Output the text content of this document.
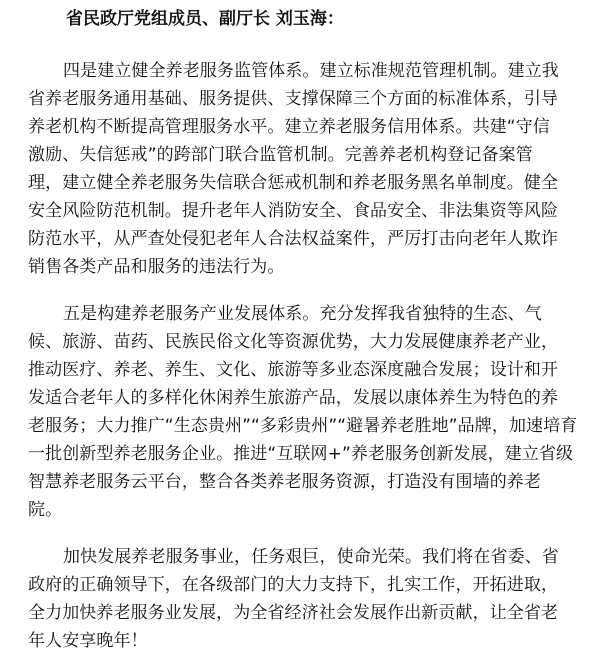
省民政厅党组成员、副厅长 刘玉海：
四是建立健全养老服务监管体系。建立标准规范管理机制。建立我
省养老服务通用基础、服务提供、支撑保障三个方面的标准体系，引导
养老机构不断提高管理服务水平。建立养老服务信用体系。共建“守信
激励、失信惩戒”的跨部门联合监管机制。完善养老机构登记备案管
理，建立健全养老服务失信联合惩戒机制和养老服务黑名单制度。健全
安全风险防范机制。提升老年人消防安全、食品安全、非法集资等风险
防范水平，从严查处侵犯老年人合法权益案件，严厉打击向老年人欺诈
销售各类产品和服务的违法行为。
五是构建养老服务产业发展体系。充分发挥我省独特的生态、气
候、旅游、苗药、民族民俗文化等资源优势，大力发展健康养老产业，
推动医疗、养老、养生、文化、旅游等多业态深度融合发展；设计和开
发适合老年人的多样化休闲养生旅游产品，发展以康体养生为特色的养
老服务；大力推广“生态贵州”“多彩贵州”“避暑养老胜地”品牌，加速培育
一批创新型养老服务企业。推进“互联网+”养老服务创新发展，建立省级
智慧养老服务云平台，整合各类养老服务资源，打造没有围墙的养老
院。
加快发展养老服务事业，任务艰巨，使命光荣。我们将在省委、省
政府的正确领导下，在各级部门的大力支持下，扎实工作，开拓进取，
全力加快养老服务业发展，为全省经济社会发展作出新贡献，让全省老
年人安享晚年！
